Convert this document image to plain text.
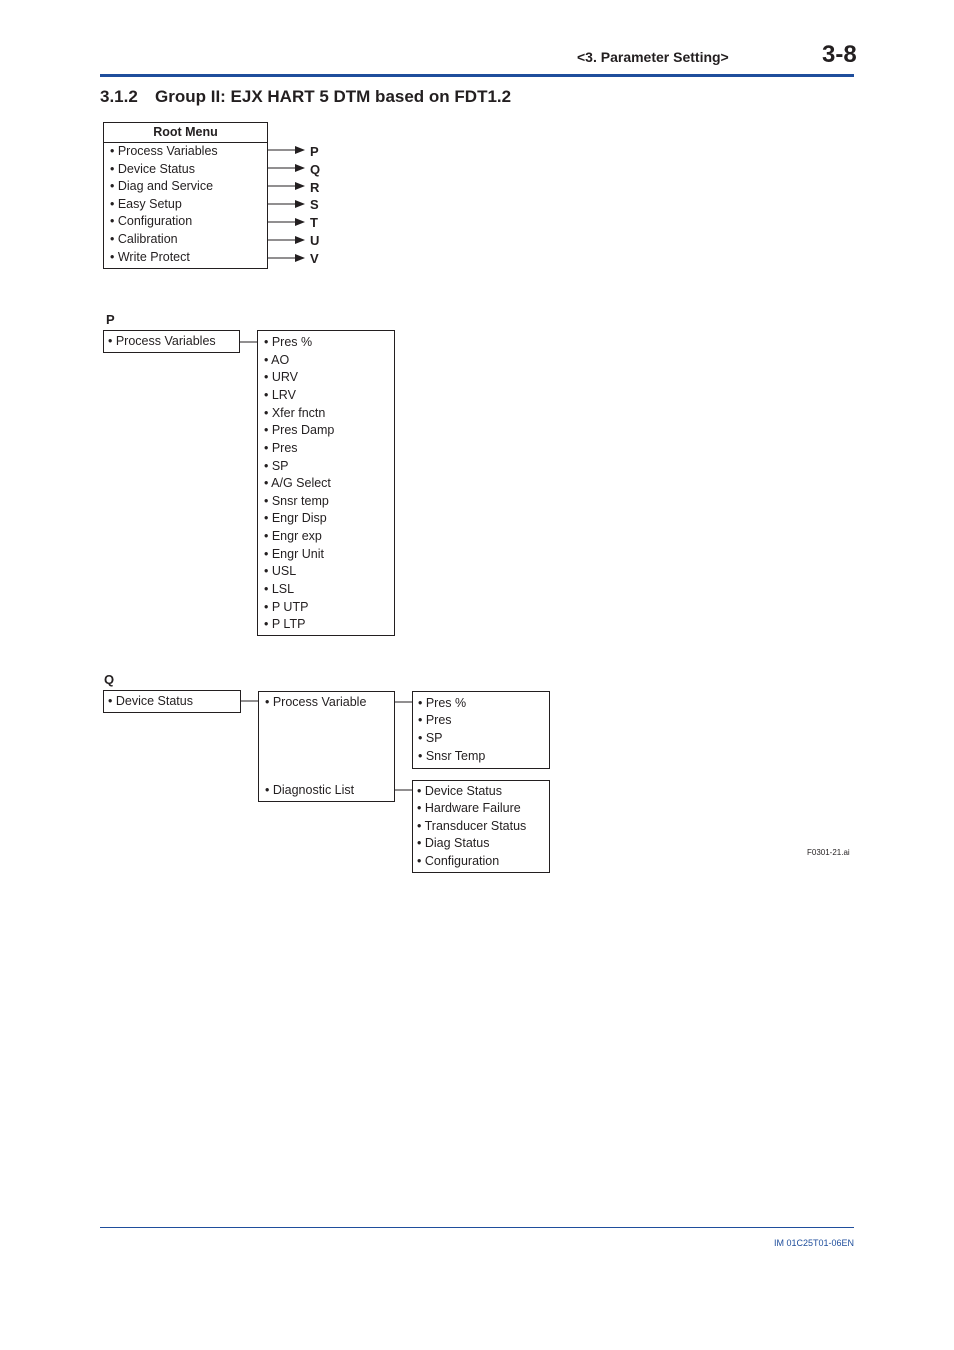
<3. Parameter Setting>	3-8
3.1.2 Group II: EJX HART 5 DTM based on FDT1.2
Root Menu
• Process Variables
• Device Status
• Diag and Service
• Easy Setup
• Configuration
• Calibration
• Write Protect
P
Q
R
S
T
U
V
P
• Process Variables	• Pres %
• AO
• URV
• LRV
• Xfer fnctn
• Pres Damp
• Pres
• SP
• A/G Select
• Snsr temp
• Engr Disp
• Engr exp
• Engr Unit
• USL
• LSL
• P UTP
• P LTP
Q
• Device Status	• Process Variable
• Diagnostic List
• Pres %
• Pres
• SP
• Snsr Temp
• Device Status
• Hardware Failure
• Transducer Status
• Diag Status
• Configuration
F0301-21.ai
IM 01C25T01-06EN
